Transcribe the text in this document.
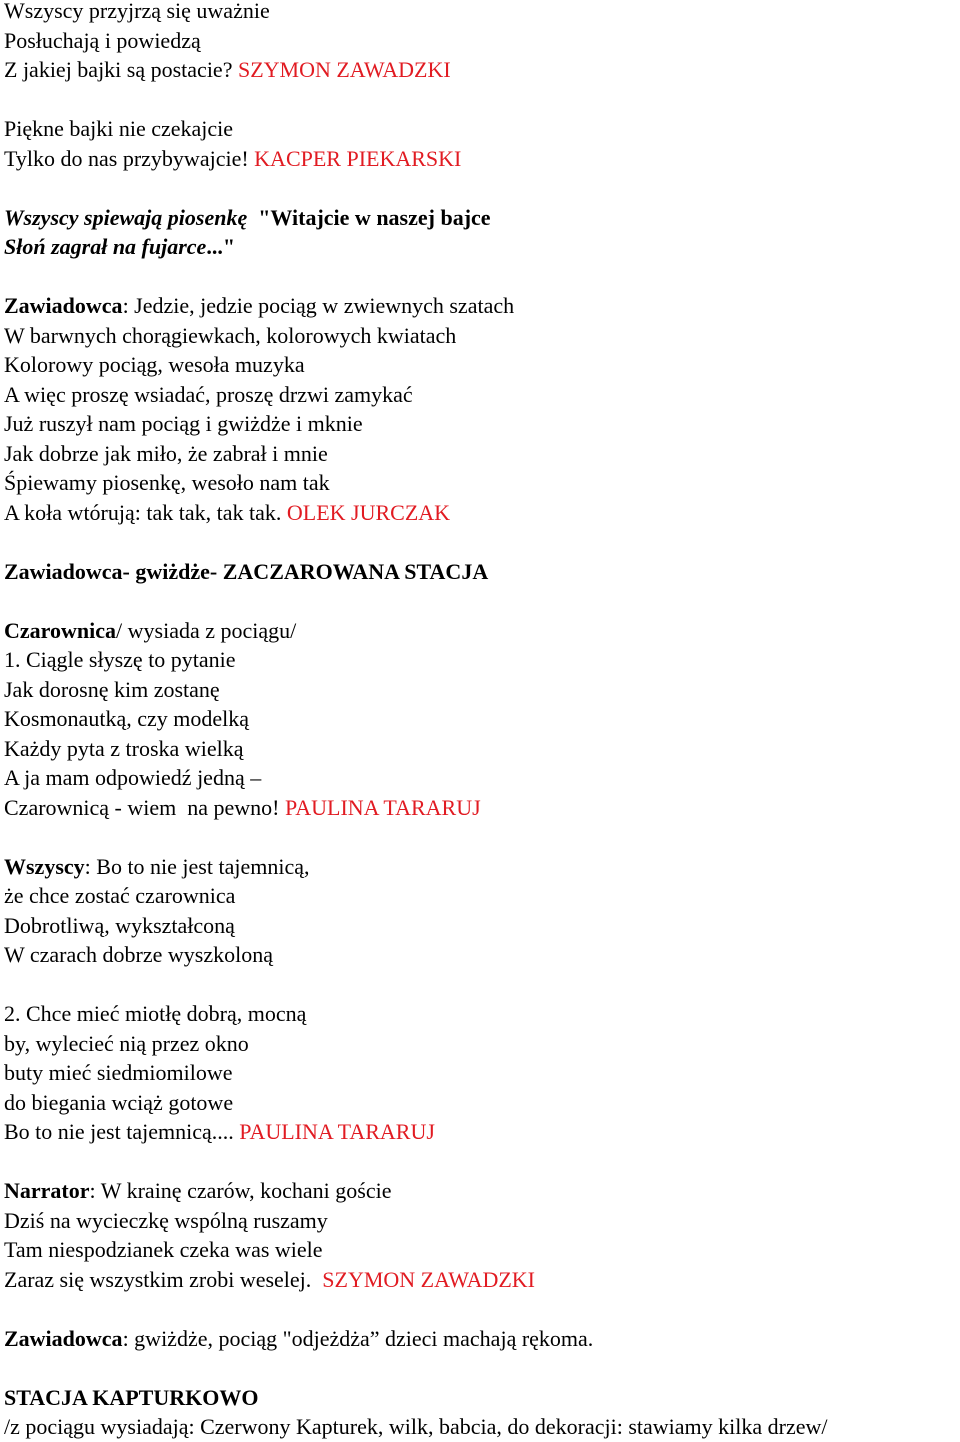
Wszyscy przyjrzą się uważnie
Posłuchają i powiedzą
Z jakiej bajki są postacie? SZYMON ZAWADZKI
Piękne bajki nie czekajcie
Tylko do nas przybywajcie! KACPER PIEKARSKI
Wszyscy spiewają piosenkę "Witajcie w naszej bajce
Słoń zagrał na fujarce..."
Zawiadowca: Jedzie, jedzie pociąg w zwiewnych szatach
W barwnych chorągiewkach, kolorowych kwiatach
Kolorowy pociąg, wesoła muzyka
A więc proszę wsiadać, proszę drzwi zamykać
Już ruszył nam pociąg i gwiżdże i mknie
Jak dobrze jak miło, że zabrał i mnie
Śpiewamy piosenkę, wesoło nam tak
A koła wtórują: tak tak, tak tak. OLEK JURCZAK
Zawiadowca- gwiżdże- ZACZAROWANA STACJA
Czarownica/ wysiada z pociągu/
1. Ciągle słyszę to pytanie
Jak dorosnę kim zostanę
Kosmonautką, czy modelką
Każdy pyta z troska wielką
A ja mam odpowiedź jedną –
Czarownicą - wiem  na pewno! PAULINA TARARUJ
Wszyscy: Bo to nie jest tajemnicą,
że chce zostać czarownica
Dobrotliwą, wykształconą
W czarach dobrze wyszkoloną
2. Chce mieć miotłę dobrą, mocną
by, wylecieć nią przez okno
buty mieć siedmiomilowe
do biegania wciąż gotowe
Bo to nie jest tajemnicą.... PAULINA TARARUJ
Narrator: W krainę czarów, kochani goście
Dziś na wycieczkę wspólną ruszamy
Tam niespodzianek czeka was wiele
Zaraz się wszystkim zrobi weselej. SZYMON ZAWADZKI
Zawiadowca: gwiżdże, pociąg "odjeżdża” dzieci machają rękoma.
STACJA KAPTURKOWO
/z pociągu wysiadają: Czerwony Kapturek, wilk, babcia, do dekoracji: stawiamy kilka drzew/
